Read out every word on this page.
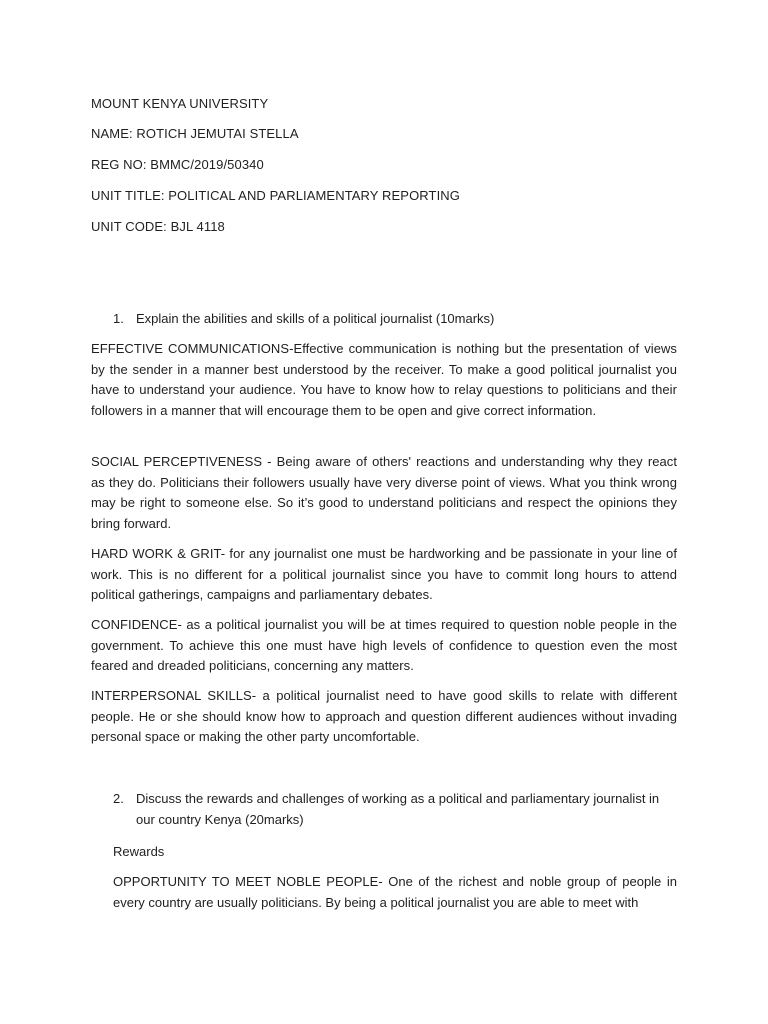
MOUNT KENYA UNIVERSITY
NAME: ROTICH JEMUTAI STELLA
REG NO: BMMC/2019/50340
UNIT TITLE: POLITICAL AND PARLIAMENTARY REPORTING
UNIT CODE: BJL 4118
1. Explain the abilities and skills of a political journalist (10marks)
EFFECTIVE COMMUNICATIONS-Effective communication is nothing but the presentation of views by the sender in a manner best understood by the receiver. To make a good political journalist you have to understand your audience. You have to know how to relay questions to politicians and their followers in a manner that will encourage them to be open and give correct information.
SOCIAL PERCEPTIVENESS - Being aware of others' reactions and understanding why they react as they do. Politicians their followers usually have very diverse point of views. What you think wrong may be right to someone else. So it’s good to understand politicians and respect the opinions they bring forward.
HARD WORK & GRIT- for any journalist one must be hardworking and be passionate in your line of work. This is no different for a political journalist since you have to commit long hours to attend political gatherings, campaigns and parliamentary debates.
CONFIDENCE- as a political journalist you will be at times required to question noble people in the government. To achieve this one must have high levels of confidence to question even the most feared and dreaded politicians, concerning any matters.
INTERPERSONAL SKILLS- a political journalist need to have good skills to relate with different people. He or she should know how to approach and question different audiences without invading personal space or making the other party uncomfortable.
2. Discuss the rewards and challenges of working as a political and parliamentary journalist in our country Kenya (20marks)
Rewards
OPPORTUNITY TO MEET NOBLE PEOPLE- One of the richest and noble group of people in every country are usually politicians. By being a political journalist you are able to meet with
